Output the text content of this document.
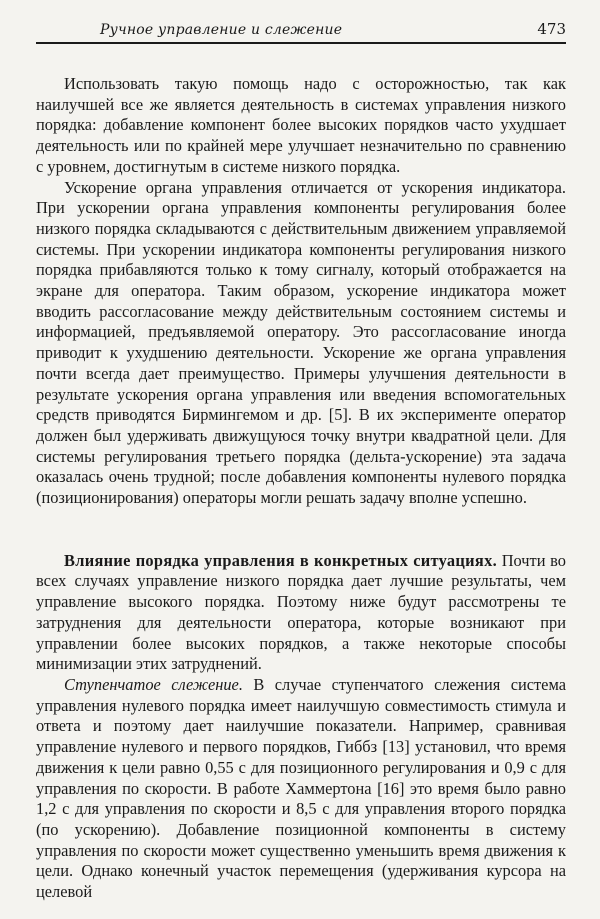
Ручное управление и слежение	473

Использовать такую помощь надо с осторожностью, так как наилучшей все же является деятельность в системах управления низкого порядка: добавление компонент более высоких порядков часто ухудшает деятельность или по крайней мере улучшает незначительно по сравнению с уровнем, достигнутым в системе низкого порядка.

Ускорение органа управления отличается от ускорения индикатора. При ускорении органа управления компоненты регулирования более низкого порядка складываются с действительным движением управляемой системы. При ускорении индикатора компоненты регулирования низкого порядка прибавляются только к тому сигналу, который отображается на экране для оператора. Таким образом, ускорение индикатора может вводить рассогласование между действительным состоянием системы и информацией, предъявляемой оператору. Это рассогласование иногда приводит к ухудшению деятельности. Ускорение же органа управления почти всегда дает преимущество. Примеры улучшения деятельности в результате ускорения органа управления или введения вспомогательных средств приводятся Бирмингемом и др. [5]. В их эксперименте оператор должен был удерживать движущуюся точку внутри квадратной цели. Для системы регулирования третьего порядка (дельта-ускорение) эта задача оказалась очень трудной; после добавления компоненты нулевого порядка (позиционирования) операторы могли решать задачу вполне успешно.

Влияние порядка управления в конкретных ситуациях. Почти во всех случаях управление низкого порядка дает лучшие результаты, чем управление высокого порядка. Поэтому ниже будут рассмотрены те затруднения для деятельности оператора, которые возникают при управлении более высоких порядков, а также некоторые способы минимизации этих затруднений.

Ступенчатое слежение. В случае ступенчатого слежения система управления нулевого порядка имеет наилучшую совместимость стимула и ответа и поэтому дает наилучшие показатели. Например, сравнивая управление нулевого и первого порядков, Гиббз [13] установил, что время движения к цели равно 0,55 с для позиционного регулирования и 0,9 с для управления по скорости. В работе Хаммертона [16] это время было равно 1,2 с для управления по скорости и 8,5 с для управления второго порядка (по ускорению). Добавление позиционной компоненты в систему управления по скорости может существенно уменьшить время движения к цели. Однако конечный участок перемещения (удерживания курсора на целевой
